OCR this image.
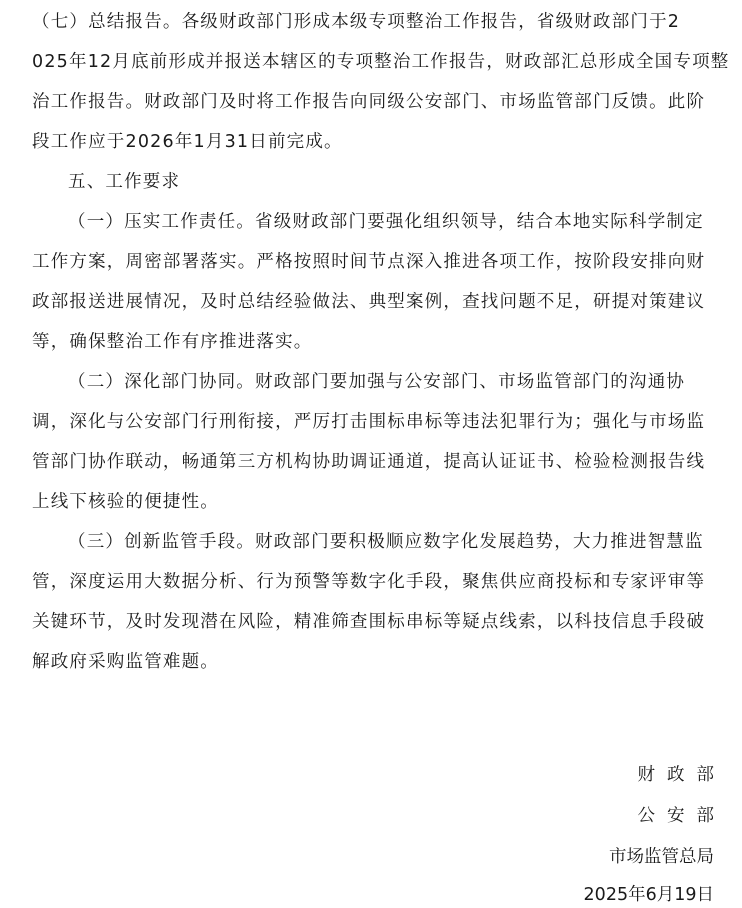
（七）总结报告。各级财政部门形成本级专项整治工作报告，省级财政部门于2
025年12月底前形成并报送本辖区的专项整治工作报告，财政部汇总形成全国专项整
治工作报告。财政部门及时将工作报告向同级公安部门、市场监管部门反馈。此阶
段工作应于2026年1月31日前完成。
五、工作要求
（一）压实工作责任。省级财政部门要强化组织领导，结合本地实际科学制定
工作方案，周密部署落实。严格按照时间节点深入推进各项工作，按阶段安排向财
政部报送进展情况，及时总结经验做法、典型案例，查找问题不足，研提对策建议
等，确保整治工作有序推进落实。
（二）深化部门协同。财政部门要加强与公安部门、市场监管部门的沟通协
调，深化与公安部门行刑衔接，严厉打击围标串标等违法犯罪行为；强化与市场监
管部门协作联动，畅通第三方机构协助调证通道，提高认证证书、检验检测报告线
上线下核验的便捷性。
（三）创新监管手段。财政部门要积极顺应数字化发展趋势，大力推进智慧监
管，深度运用大数据分析、行为预警等数字化手段，聚焦供应商投标和专家评审等
关键环节，及时发现潜在风险，精准筛查围标串标等疑点线索，以科技信息手段破
解政府采购监管难题。
财政部
公安部
市场监管总局
2025年6月19日
